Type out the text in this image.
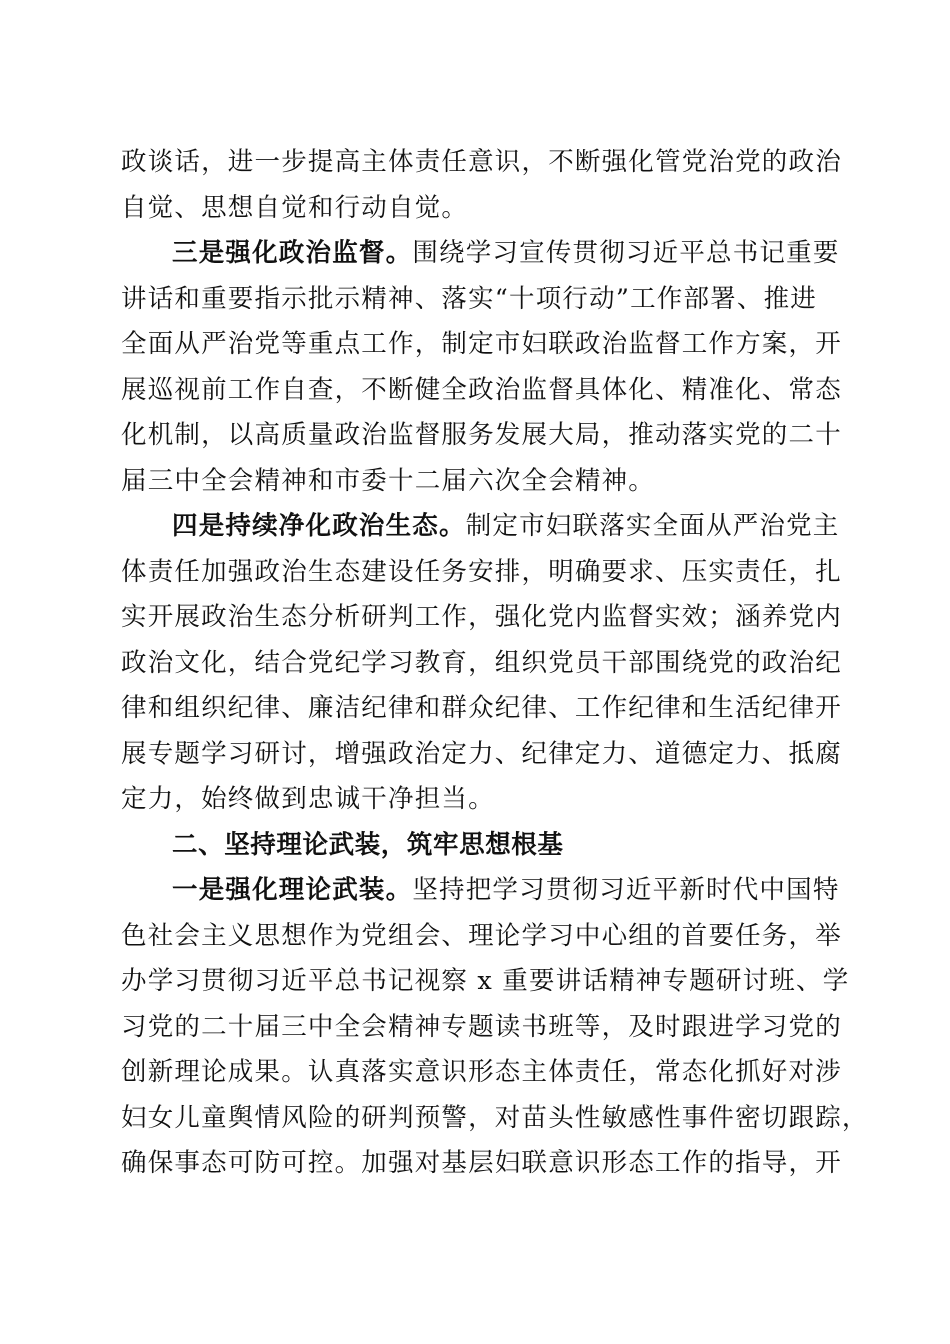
政谈话，进一步提高主体责任意识，不断强化管党治党的政治
自觉、思想自觉和行动自觉。
三是强化政治监督。围绕学习宣传贯彻习近平总书记重要
讲话和重要指示批示精神、落实“十项行动”工作部署、推进
全面从严治党等重点工作，制定市妇联政治监督工作方案，开
展巡视前工作自查，不断健全政治监督具体化、精准化、常态
化机制，以高质量政治监督服务发展大局，推动落实党的二十
届三中全会精神和市委十二届六次全会精神。
四是持续净化政治生态。制定市妇联落实全面从严治党主
体责任加强政治生态建设任务安排，明确要求、压实责任，扎
实开展政治生态分析研判工作，强化党内监督实效；涵养党内
政治文化，结合党纪学习教育，组织党员干部围绕党的政治纪
律和组织纪律、廉洁纪律和群众纪律、工作纪律和生活纪律开
展专题学习研讨，增强政治定力、纪律定力、道德定力、抵腐
定力，始终做到忠诚干净担当。
二、坚持理论武装，筑牢思想根基
一是强化理论武装。坚持把学习贯彻习近平新时代中国特
色社会主义思想作为党组会、理论学习中心组的首要任务，举
办学习贯彻习近平总书记视察 x 重要讲话精神专题研讨班、学
习党的二十届三中全会精神专题读书班等，及时跟进学习党的
创新理论成果。认真落实意识形态主体责任，常态化抓好对涉
妇女儿童舆情风险的研判预警，对苗头性敏感性事件密切跟踪，
确保事态可防可控。加强对基层妇联意识形态工作的指导，开
